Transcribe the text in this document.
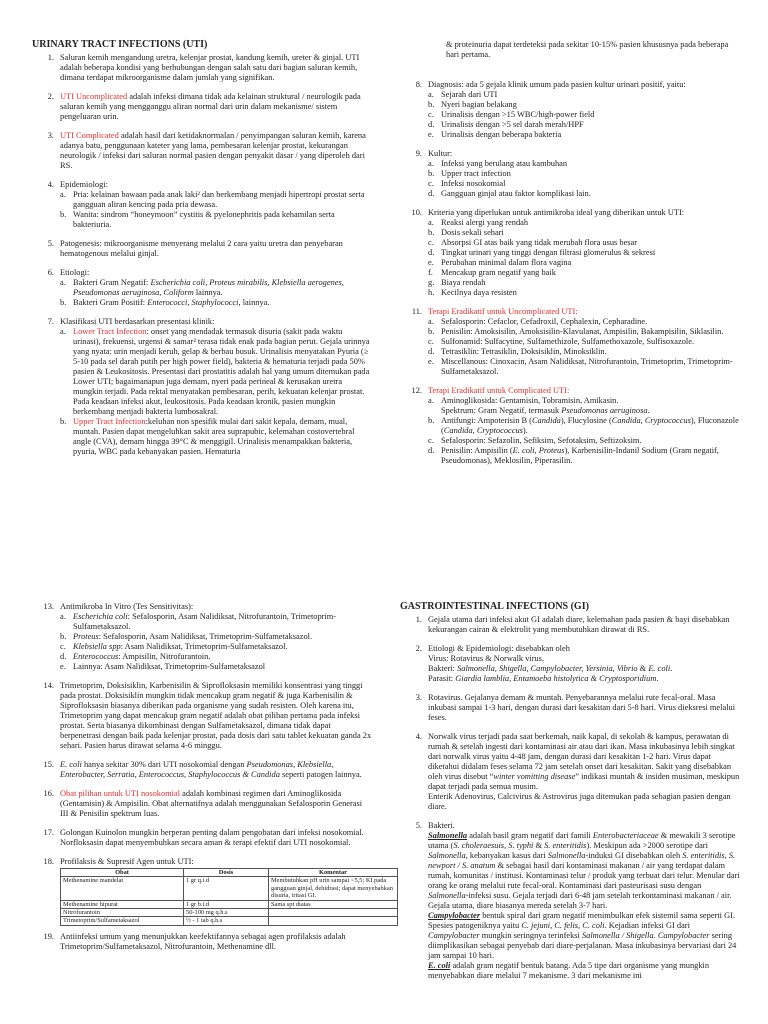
URINARY TRACT INFECTIONS (UTI)
1. Saluran kemih mengandung uretra, kelenjar prostat, kandung kemih, ureter & ginjal. UTI adalah beberapa kondisi yang berhubungan dengan salah satu dari bagian saluran kemih, dimana terdapat mikroorganisme dalam jumlah yang signifikan.
2. UTI Uncomplicated adalah infeksi dimana tidak ada kelainan struktural / neurologik pada saluran kemih yang mengganggu aliran normal dari urin dalam mekanisme/ sistem pengeluaran urin.
3. UTI Complicated adalah hasil dari ketidaknormalan / penyimpangan saluran kemih, karena adanya batu, penggunaan kateter yang lama, pembesaran kelenjar prostat, kekurangan neurologik / infeksi dari saluran normal pasien dengan penyakit dasar / yang diperoleh dari RS.
4. Epidemiologi:
a. Pria: kelainan bawaan pada anak laki² dan berkembang menjadi hipertropi prostat serta gangguan aliran kencing pada pria dewasa.
b. Wanita: sindrom “honeymoon” cystitis & pyelonephritis pada kehamilan serta bakteriuria.
5. Patogenesis: mikroorganisme menyerang melalui 2 cara yaitu uretra dan penyebaran hematogenous melalui ginjal.
6. Etiologi:
a. Bakteri Gram Negatif: Escherichia coli, Proteus mirabilis, Klebsiella aerogenes, Pseudomonas aeruginosa, Coliform lainnya.
b. Bakteri Gram Positif: Enterococci, Staphylococci, lainnya.
7. Klasifikasi UTI berdasarkan presentasi klinik:
a. Lower Tract Infection: onset yang mendadak termasuk disuria (sakit pada waktu urinasi), frekuensi, urgensi & samar² terasa tidak enak pada bagian perut. Gejala urinnya yang nyata: urin menjadi keruh, gelap & berbau busuk. Urinalisis menyatakan Pyuria (≥ 5-10 pada sel darah putih per high power field), bakteria & hematuria terjadi pada 50% pasien & Leukositosis. Presentasi dari prostatitis adalah hal yang umum ditemukan pada Lower UTI; bagaimanapun juga demam, nyeri pada perineal & kerusakan uretra mungkin terjadi. Pada rektal menyatakan pembesaran, perih, kekuatan kelenjar prostat. Pada keadaan infeksi akut, leukositosis. Pada keadaan kronik, pasien mungkin berkembang menjadi bakteria lumbosakral.
b. Upper Tract Infection:keluhan non spesifik mulai dari sakit kepala, demam, mual, muntah. Pasien dapat mengeluhkan sakit area suprapubic, kelemahan costovertebral angle (CVA), demam hingga 39°C & menggigil. Urinalisis menampakkan bakteria, pyuria, WBC pada kebanyakan pasien. Hematuria
& proteinuria dapat terdeteksi pada sekitar 10-15% pasien khususnya pada beberapa hari pertama.
8. Diagnosis: ada 5 gejala klinik umum pada pasien kultur urinari positif, yaitu:
a. Sejarah dari UTI
b. Nyeri bagian belakang
c. Urinalisis dengan >15 WBC/high-power field
d. Urinalisis dengan >5 sel darah merah/HPF
e. Urinalisis dengan beberapa bakteria
9. Kultur:
a. Infeksi yang berulang atau kambuhan
b. Upper tract infection
c. Infeksi nosokomial
d. Gangguan ginjal atau faktor komplikasi lain.
10. Kriteria yang diperlukan untuk antimikroba ideal yang diberikan untuk UTI:
a. Reaksi alergi yang rendah
b. Dosis sekali sehari
c. Absorpsi GI atas baik yang tidak merubah flora usus besar
d. Tingkat urinari yang tinggi dengan filtrasi glomerulus & sekresi
e. Perubahan minimal dalam flora vagina
f. Mencakup gram negatif yang baik
g. Biaya rendah
h. Kecilnya daya resisten
11. Terapi Eradikatif untuk Uncomplicated UTI:
a. Sefalosporin: Cefaclor, Cefadroxil, Cephalexin, Cepharadine.
b. Penisilin: Amoksisilin, Amoksisilin-Klavulanat, Ampisilin, Bakampisilin, Siklasilin.
c. Sulfonamid: Sulfacytine, Sulfamethizole, Sulfamethoxazole, Sulfisoxazole.
d. Tetrasiklin: Tetrasiklin, Doksisiklin, Minoksiklin.
e. Miscellanous: Cinoxacin, Asam Nalidiksat, Nitrofurantoin, Trimetoprim, Trimetoprim-Sulfametaksazol.
12. Terapi Eradikatif untuk Complicated UTI:
a. Aminoglikosida: Gentamisin, Tobramisin, Amikasin.
Spektrum: Gram Negatif, termasuk Pseudomonas aeruginosa.
b. Antifungi: Ampoterisin B (Candida), Flucylosine (Candida, Cryptococcus), Fluconazole (Candida, Cryptococcus).
c. Sefalosporin: Sefazolin, Sefiksim, Sefotaksim, Seftizoksim.
d. Penisilin: Ampisilin (E. coli, Proteus), Karbenisilin-Indanil Sodium (Gram negatif, Pseudomonas), Meklosilin, Piperasilin.
13. Antimikroba In Vitro (Tes Sensitivitas):
a. Escherichia coli: Sefalosporin, Asam Nalidiksat, Nitrofurantoin, Trimetoprim-Sulfametaksazol.
b. Proteus: Sefalosporin, Asam Nalidiksat, Trimetoprim-Sulfametaksazol.
c. Klebsiella spp: Asam Nalidiksat, Trimetoprim-Sulfametaksazol.
d. Enterococcus: Ampisilin, Nitrofurantoin.
e. Lainnya: Asam Nalidiksat, Trimetoprim-Sulfametaksazol
14. Trimetoprim, Doksisiklin, Karbenisilin & Siprofloksasin memiliki konsentrasi yang tinggi pada prostat. Doksisiklin mungkin tidak mencakup gram negatif & juga Karbenisilin & Siprofloksasin biasanya diberikan pada organisme yang sudah resisten. Oleh karena itu, Trimetoprim yang dapat mencakup gram negatif adalah obat pilihan pertama pada infeksi prostat. Serta biasanya dikombinasi dengan Sulfametaksazol, dimana tidak dapat berpenetrasi dengan baik pada kelenjar prostat, pada dosis dari satu tablet kekuatan ganda 2x sehari. Pasien harus dirawat selama 4-6 minggu.
15. E. coli hanya sekitar 30% dari UTI nosokomial dengan Pseudomonas, Klebsiella, Enterobacter, Serratia, Enterococcus, Staphylococcus & Candida seperti patogen lainnya.
16. Obat pilihan untuk UTI nosokomial adalah kombinasi regimen dari Aminoglikosida (Gentamisin) & Ampisilin. Obat alternatifnya adalah menggunakan Sefalosporin Generasi III & Penisilin spektrum luas.
17. Golongan Kuinolon mungkin berperan penting dalam pengobatan dari infeksi nosokomial. Norfloksasin dapat menyembuhkan secara aman & terapi efektif dari UTI nosokomial.
18. Profilaksis & Supresif Agen untuk UTI:
Obat	Dosis	Komentar
Methenamine mandelat	1 gr q.i.d	Membutuhkan pH urin sampai <5,5; KI pada gangguan ginjal, dehidrasi; dapat menyebabkan disuria, iritasi GI.
Methenamine hipurat	1 gr b.i.d	Sama spt diatas
Nitrofurantoin	50-100 mg q.h.s	
Trimetoprim/Sulfametaksazol	½ - 1 tab q.h.s	
19. Antiinfeksi umum yang menunjukkan keefektifannya sebagai agen profilaksis adalah Trimetoprim/Sulfametaksazol, Nitrofurantoin, Methenamine dll.
GASTROINTESTINAL INFECTIONS (GI)
1. Gejala utama dari infeksi akut GI adalah diare, kelemahan pada pasien & bayi disebabkan kekurangan cairan & elektrolit yang membutuhkan dirawat di RS.
2. Etiologi & Epidemiologi: disebabkan oleh
Virus: Rotavirus & Norwalk virus.
Bakteri: Salmonella, Shigella, Campylobacter, Yersinia, Vibrio & E. coli.
Parasit: Giardia lamblia, Entamoeba histolytica & Cryptosporidium.
3. Rotavirus. Gejalanya demam & muntah. Penyebarannya melalui rute fecal-oral. Masa inkubasi sampai 1-3 hari, dengan durasi dari kesakitan dari 5-8 hari. Virus dieksresi melalui feses.
4. Norwalk virus terjadi pada saat berkemah, naik kapal, di sekolah & kampus, perawatan di rumah & setelah ingesti dari kontaminasi air atau dari ikan. Masa inkubasinya lebih singkat dari norwalk virus yaitu 4-48 jam, dengan durasi dari kesakitan 1-2 hari. Virus dapat diketahui didalam feses selama 72 jam setelah onset dari kesakitan. Sakit yang disebabkan oleh virus disebut “winter vomitting disease” indikasi muntah & insiden musiman, meskipun dapat terjadi pada semua musim.
Enterik Adenovirus, Calcivirus & Astrovirus juga ditemukan pada sebagian pasien dengan diare.
5. Bakteri.
Salmonella adalah basil gram negatif dari famili Enterobacteriaceae & mewakili 3 serotipe utama (S. choleraesuis, S. typhi & S. enteritidis). Meskipun ada >2000 serotipe dari Salmonella, kebanyakan kasus dari Salmonella-induksi GI disebabkan oleh S. enteritidis, S. newport / S. anatum & sebagai hasil dari kontaminasi makanan / air yang terdapat dalam rumah, komunitas / institusi. Kontaminasi telur / produk yang terbuat dari telur. Menular dari orang ke orang melalui rute fecal-oral. Kontaminasi dari pasteurisasi susu dengan Salmonella-infeksi susu. Gejala terjadi dari 6-48 jam setelah terkontaminasi makanan / air. Gejala utama, diare biasanya mereda setelah 3-7 hari.
Campylobacter bentuk spiral dari gram negatif menimbulkan efek sistemil sama seperti GI. Spesies patogeniknya yaitu C. jejuni, C. felis, C. coli. Kejadian infeksi GI dari Campylobacter mungkin seringnya terinfeksi Salmonella / Shigella. Campylobacter sering diimplikasikan sebagai penyebab dari diare-perjalanan. Masa inkubasinya bervariasi dari 24 jam sampai 10 hari.
E. coli adalah gram negatif bentuk batang. Ada 5 tipe dari organisme yang mungkin menyebabkan diare melalui 7 mekanisme. 3 dari mekanisme ini
